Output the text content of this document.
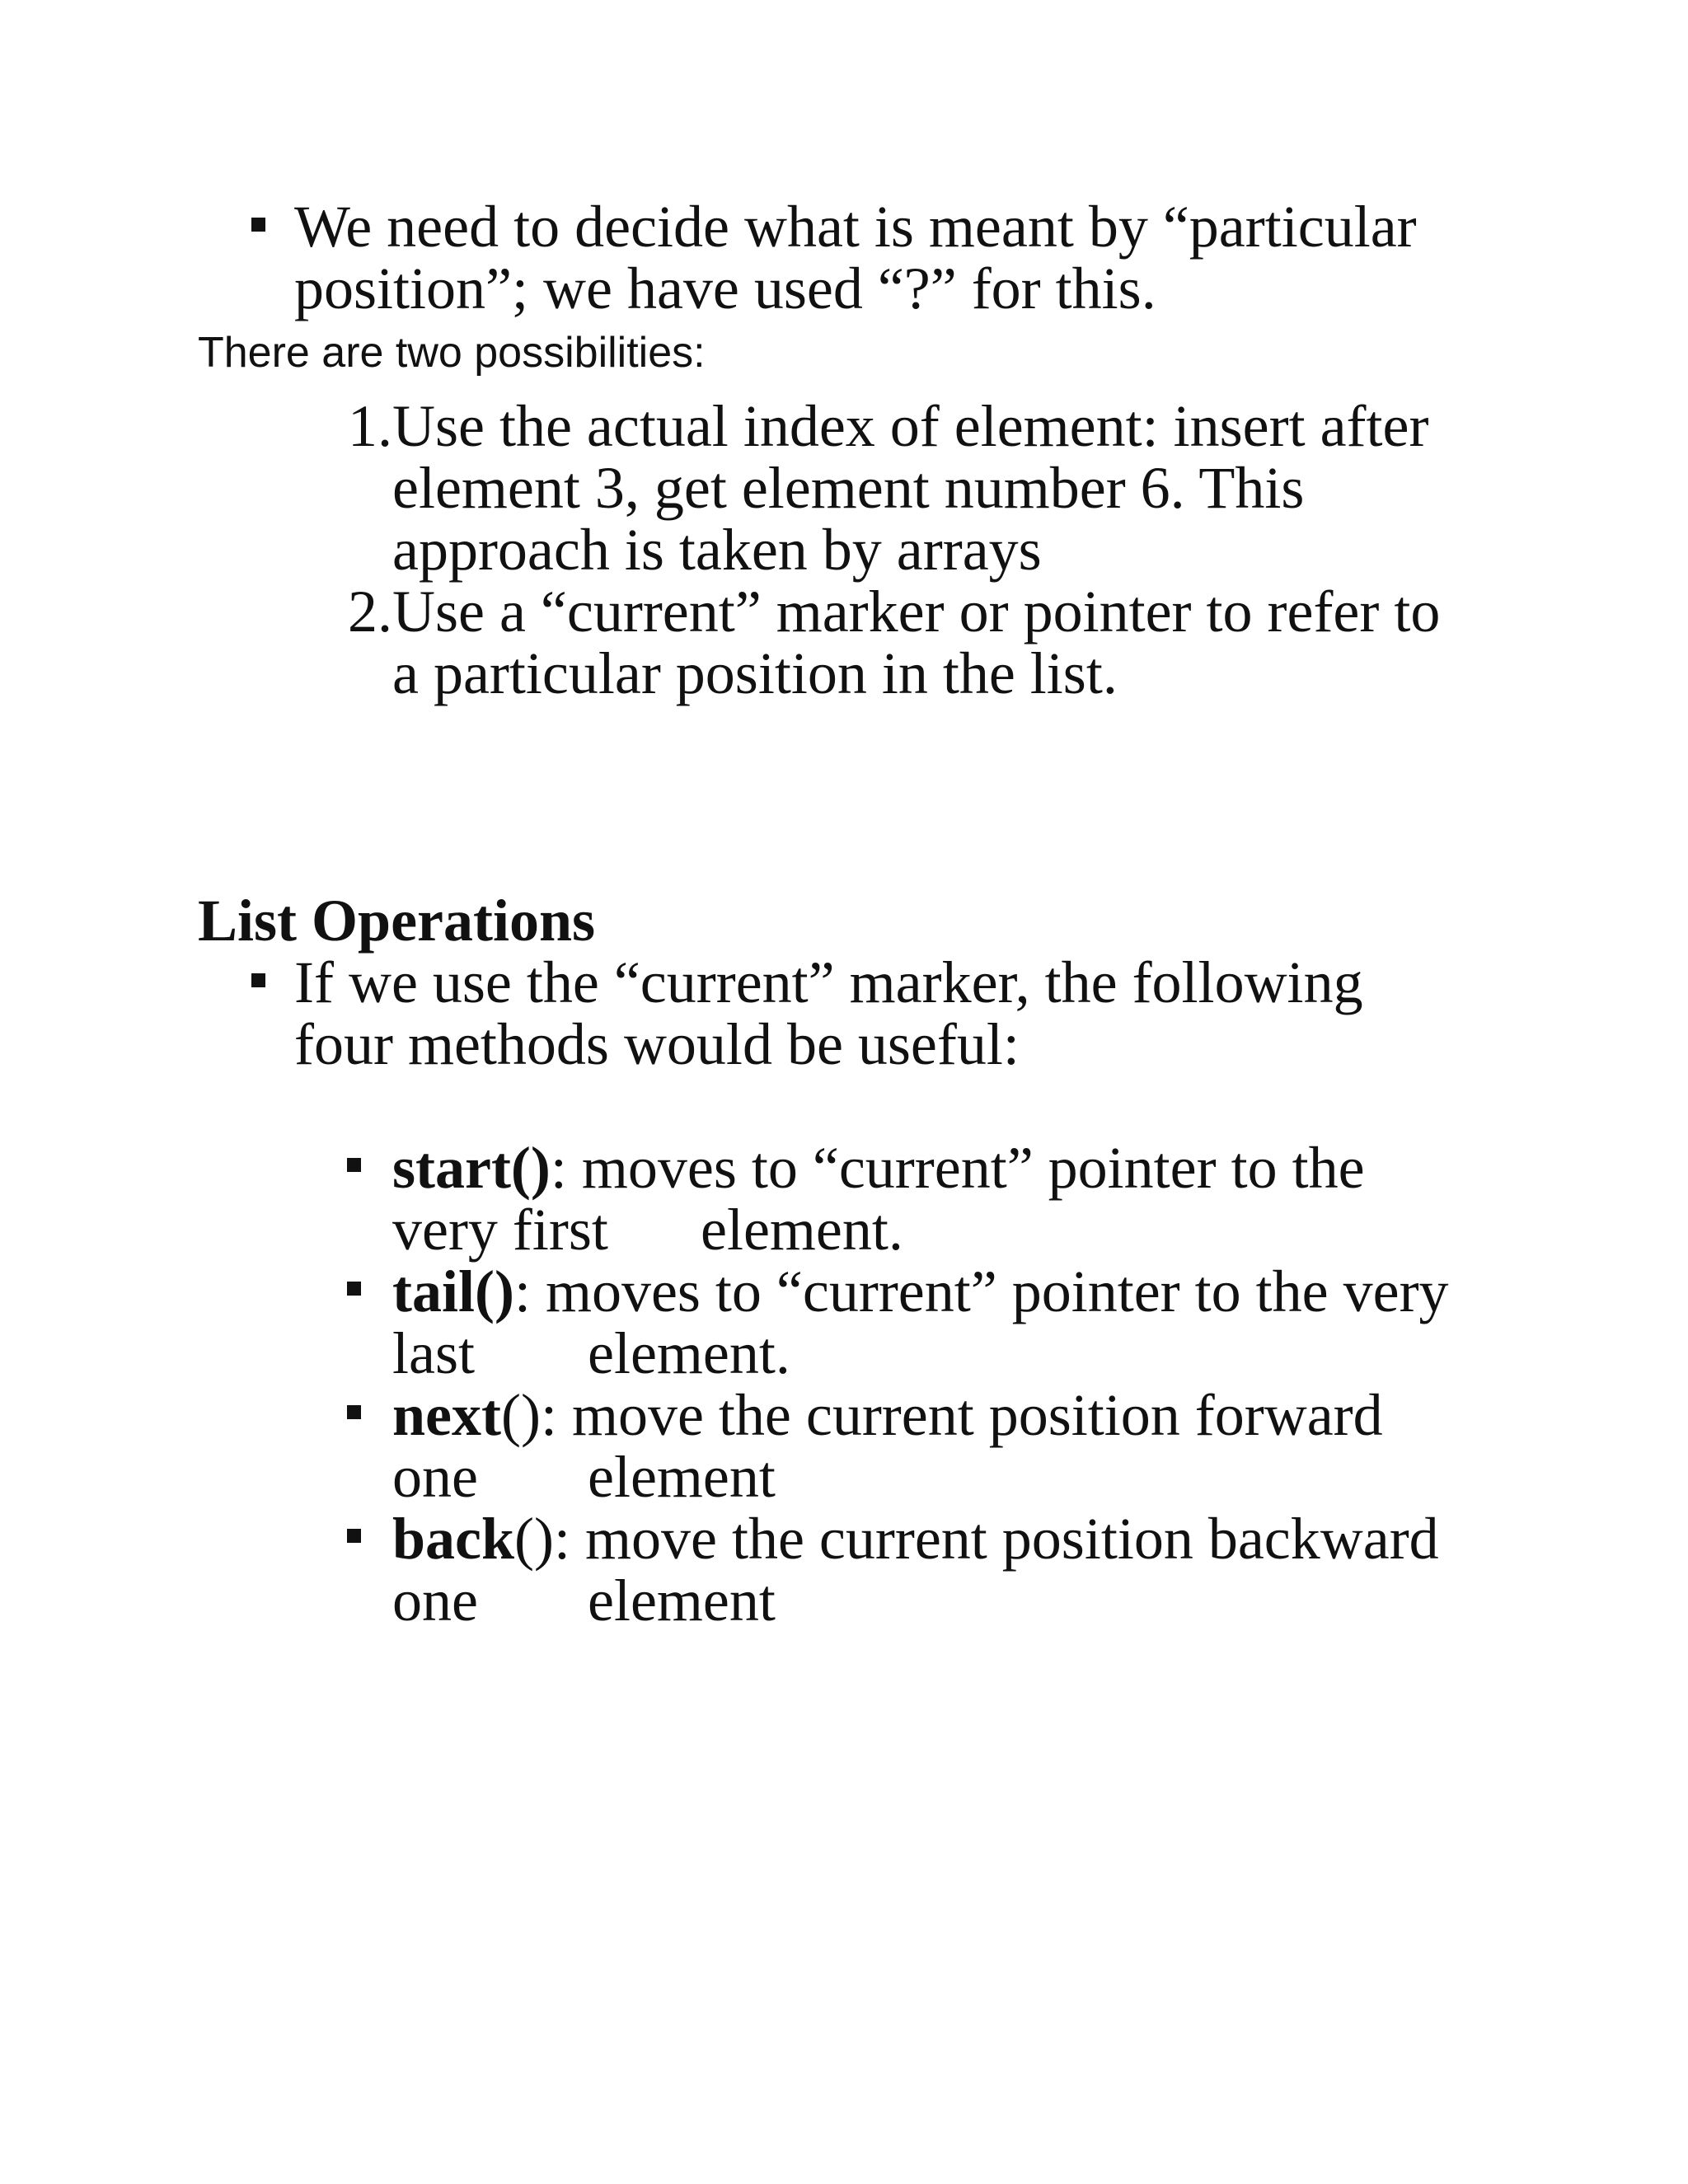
We need to decide what is meant by “particular
position”; we have used “?” for this.
There are two possibilities:
1. Use the actual index of element: insert after
element 3, get element number 6. This
approach is taken by arrays
2. Use a “current” marker or pointer to refer to
a particular position in the list.
List Operations
If we use the “current” marker, the following
four methods would be useful:
start(): moves to “current” pointer to the
very first element.
tail(): moves to “current” pointer to the very
last element.
next(): move the current position forward
one element
back(): move the current position backward
one element
